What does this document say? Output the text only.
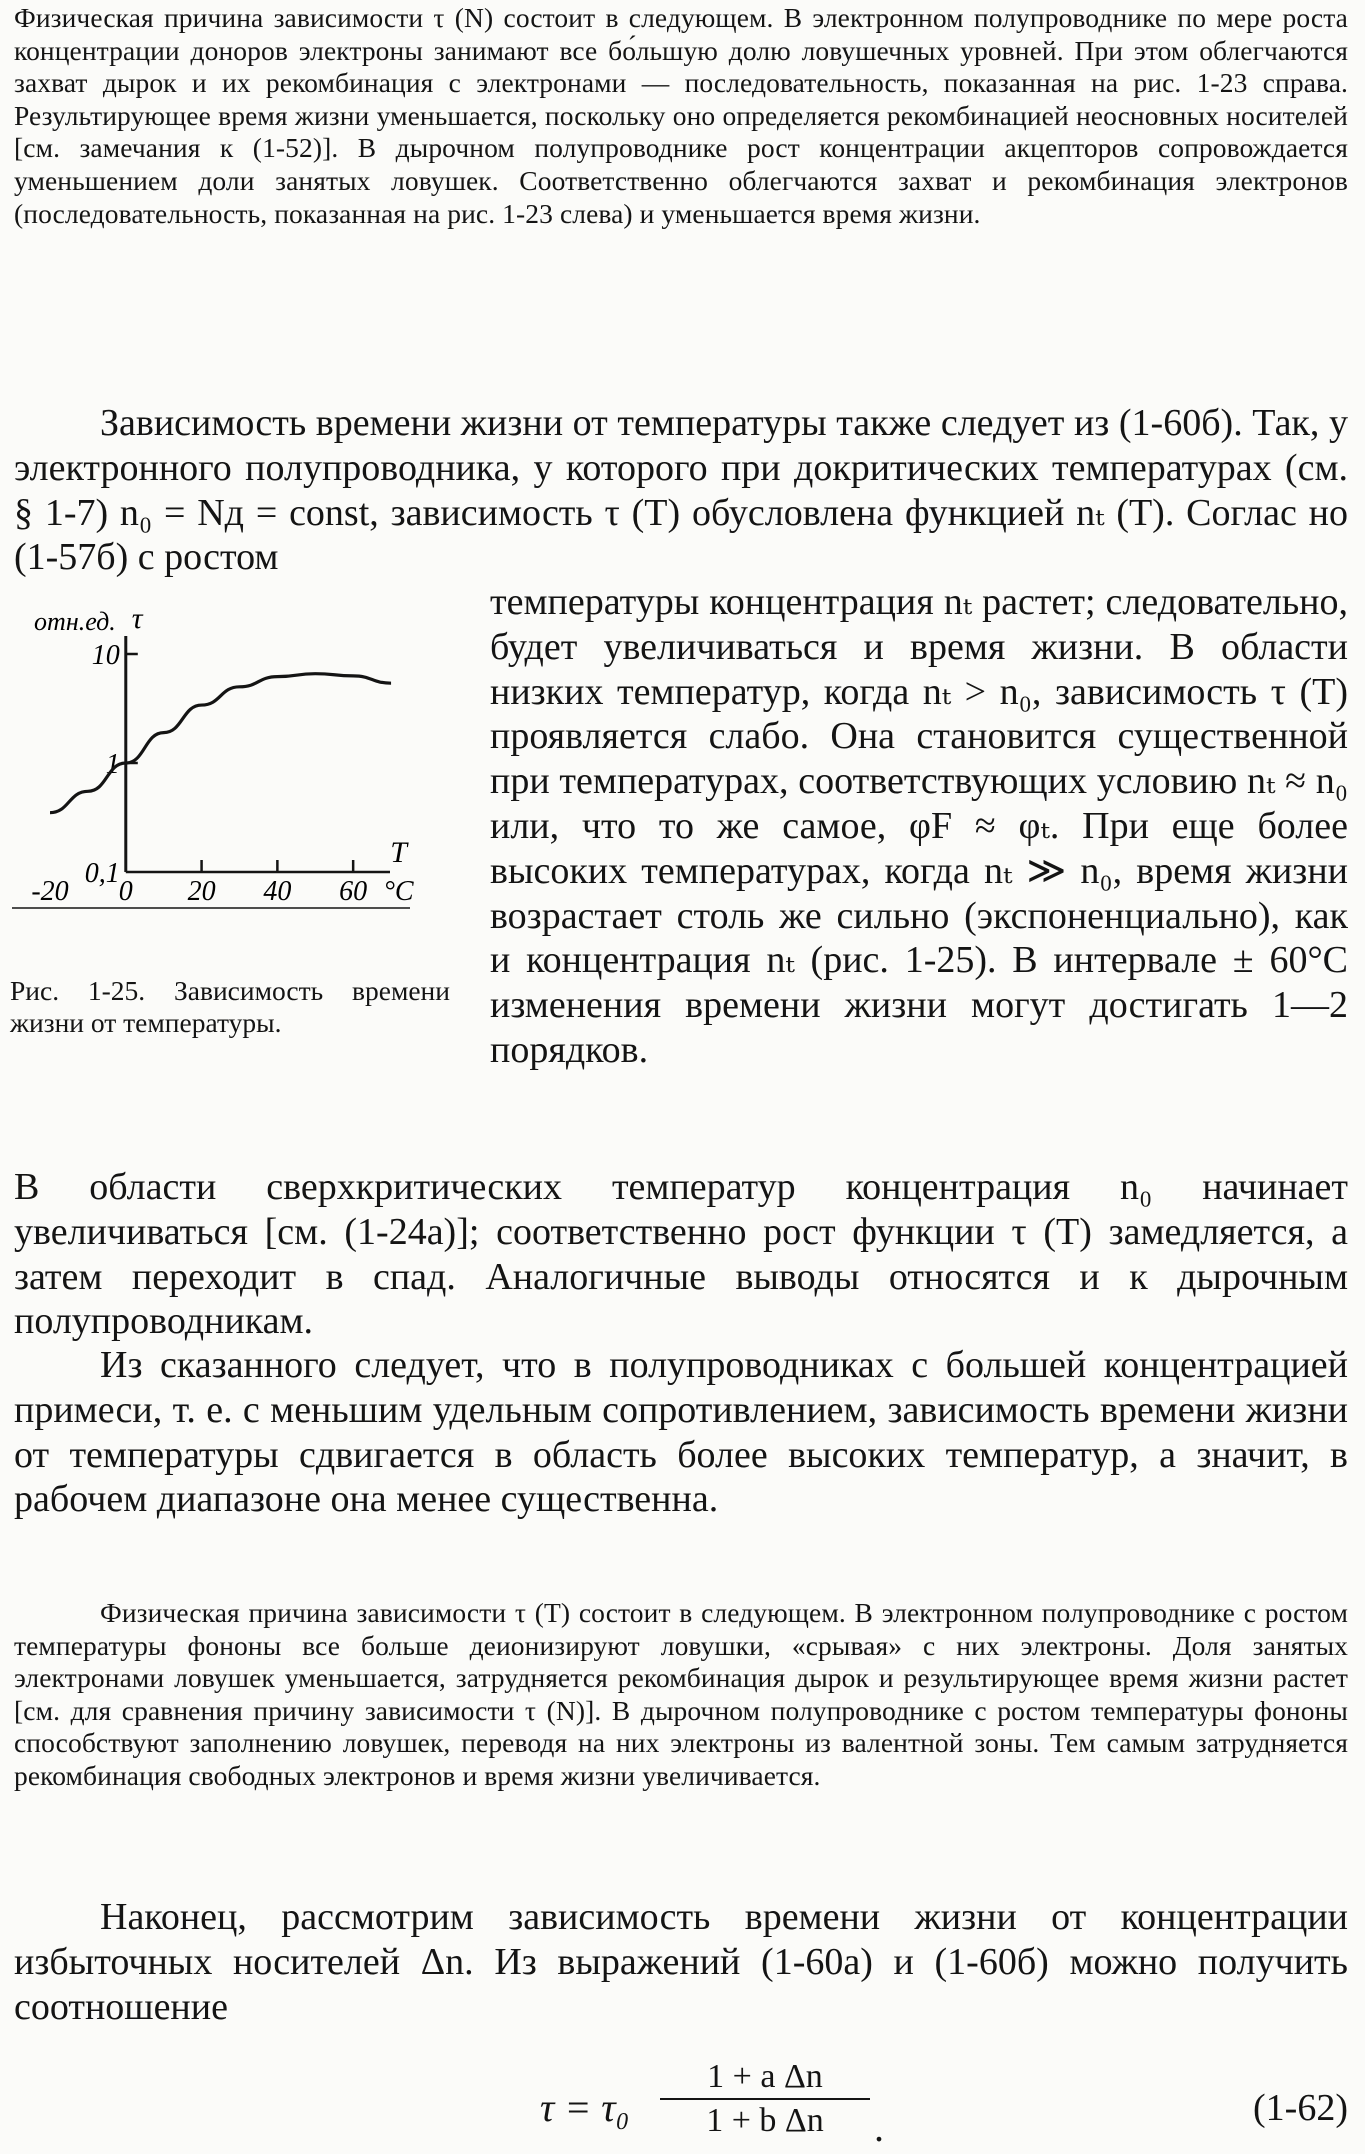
Физическая причина зависимости τ (N) состоит в следующем. В электронном полупроводнике по мере роста концентрации доноров электроны занимают все бо́льшую долю ловушечных уровней. При этом облегчаются захват дырок и их рекомбинация с электронами — последовательность, показанная на рис. 1-23 справа. Результирующее время жизни уменьшается, поскольку оно определяется рекомбинацией неосновных носителей [см. замечания к (1-52)]. В дырочном полупроводнике рост концентрации акцепторов сопровождается уменьшением доли занятых ловушек. Соответственно облегчаются захват и рекомбинация электронов (последовательность, показанная на рис. 1-23 слева) и уменьшается время жизни.

Зависимость времени жизни от температуры также следует из (1-60б). Так, у электронного полупроводника, у которого при докритических температурах (см. § 1-7) n₀ = Nд = const, зависимость τ (T) обусловлена функцией nₜ (T). Соглас но (1-57б) с ростом

10
1
0,1
отн.ед. τ
-20 0 20 40 60 °C
T
Рис. 1-25. Зависимость времени жизни от температуры.

температуры концентрация nₜ растет; следовательно, будет увеличиваться и время жизни. В области низких температур, когда nₜ > n₀, зависимость τ (T) проявляется слабо. Она становится существенной при температурах, соответствующих условию nₜ ≈ n₀ или, что то же самое, φF ≈ φₜ. При еще более высоких температурах, когда nₜ ≫ n₀, время жизни возрастает столь же сильно (экспоненциально), как и концентрация nₜ (рис. 1-25). В интервале ± 60°C изменения времени жизни могут достигать 1—2 порядков.

В области сверхкритических температур концентрация n₀ начинает увеличиваться [см. (1-24а)]; соответственно рост функции τ (T) замедляется, а затем переходит в спад. Аналогичные выводы относятся и к дырочным полупроводникам.

Из сказанного следует, что в полупроводниках с большей концентрацией примеси, т. е. с меньшим удельным сопротивлением, зависимость времени жизни от температуры сдвигается в область более высоких температур, а значит, в рабочем диапазоне она менее существенна.

Физическая причина зависимости τ (T) состоит в следующем. В электронном полупроводнике с ростом температуры фононы все больше деионизируют ловушки, «срывая» с них электроны. Доля занятых электронами ловушек уменьшается, затрудняется рекомбинация дырок и результирующее время жизни растет [см. для сравнения причину зависимости τ (N)]. В дырочном полупроводнике с ростом температуры фононы способствуют заполнению ловушек, переводя на них электроны из валентной зоны. Тем самым затрудняется рекомбинация свободных электронов и время жизни увеличивается.

Наконец, рассмотрим зависимость времени жизни от концентрации избыточных носителей Δn. Из выражений (1-60а) и (1-60б) можно получить соотношение

$\tau = \tau_0 \frac{\text{1 + a Δn}}{\text{1 + b Δn}}$ .	(1-62)
